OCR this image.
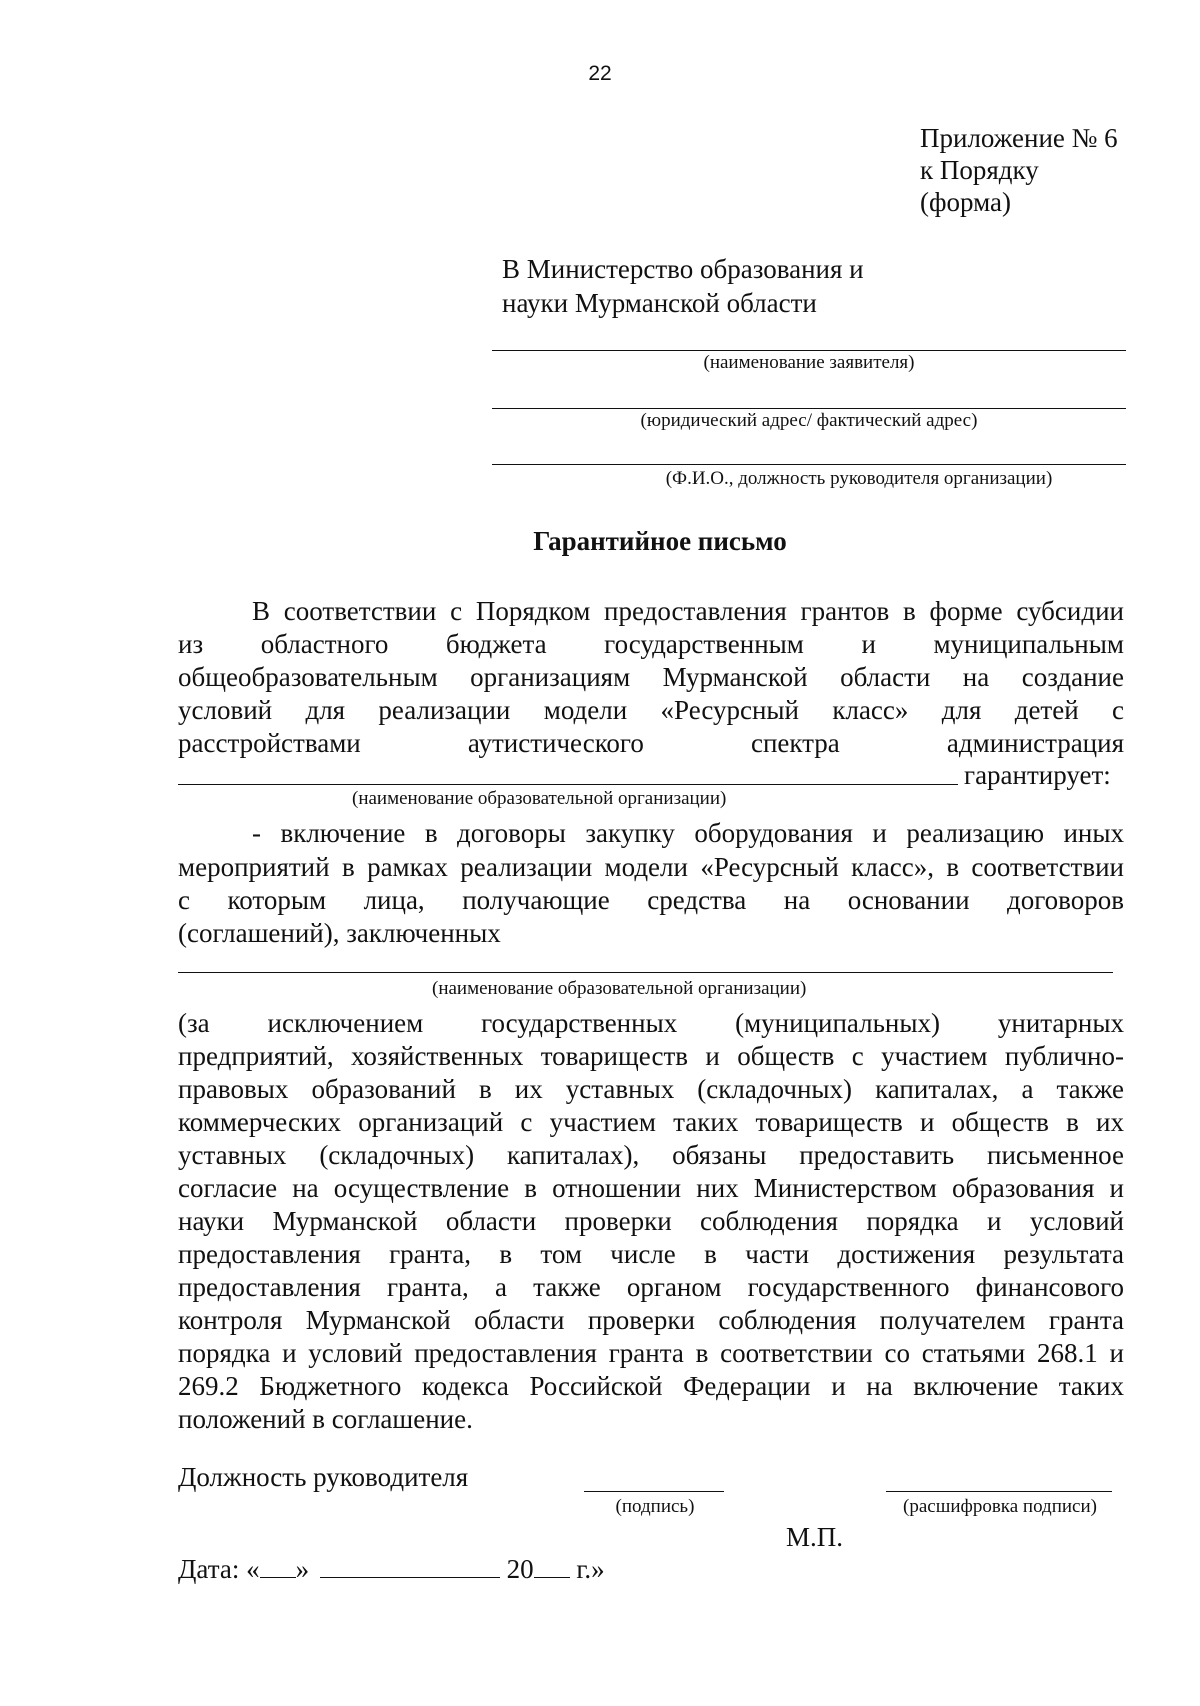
22
Приложение № 6
к Порядку
(форма)
В Министерство образования и
науки Мурманской области
(наименование заявителя)
(юридический адрес/ фактический адрес)
(Ф.И.О., должность руководителя организации)
Гарантийное письмо
В соответствии с Порядком предоставления грантов в форме субсидии
из областного бюджета государственным и муниципальным
общеобразовательным организациям Мурманской области на создание
условий для реализации модели «Ресурсный класс» для детей с
расстройствами аутистического спектра администрация
гарантирует:
(наименование образовательной организации)
- включение в договоры закупку оборудования и реализацию иных
мероприятий в рамках реализации модели «Ресурсный класс», в соответствии
с которым лица, получающие средства на основании договоров
(соглашений), заключенных
(наименование образовательной организации)
(за исключением государственных (муниципальных) унитарных
предприятий, хозяйственных товариществ и обществ с участием публично-
правовых образований в их уставных (складочных) капиталах, а также
коммерческих организаций с участием таких товариществ и обществ в их
уставных (складочных) капиталах), обязаны предоставить письменное
согласие на осуществление в отношении них Министерством образования и
науки Мурманской области проверки соблюдения порядка и условий
предоставления гранта, в том числе в части достижения результата
предоставления гранта, а также органом государственного финансового
контроля Мурманской области проверки соблюдения получателем гранта
порядка и условий предоставления гранта в соответствии со статьями 268.1 и
269.2 Бюджетного кодекса Российской Федерации и на включение таких
положений в соглашение.
Должность руководителя
(подпись)	(расшифровка подписи)
М.П.
Дата: « »	20 г.»
